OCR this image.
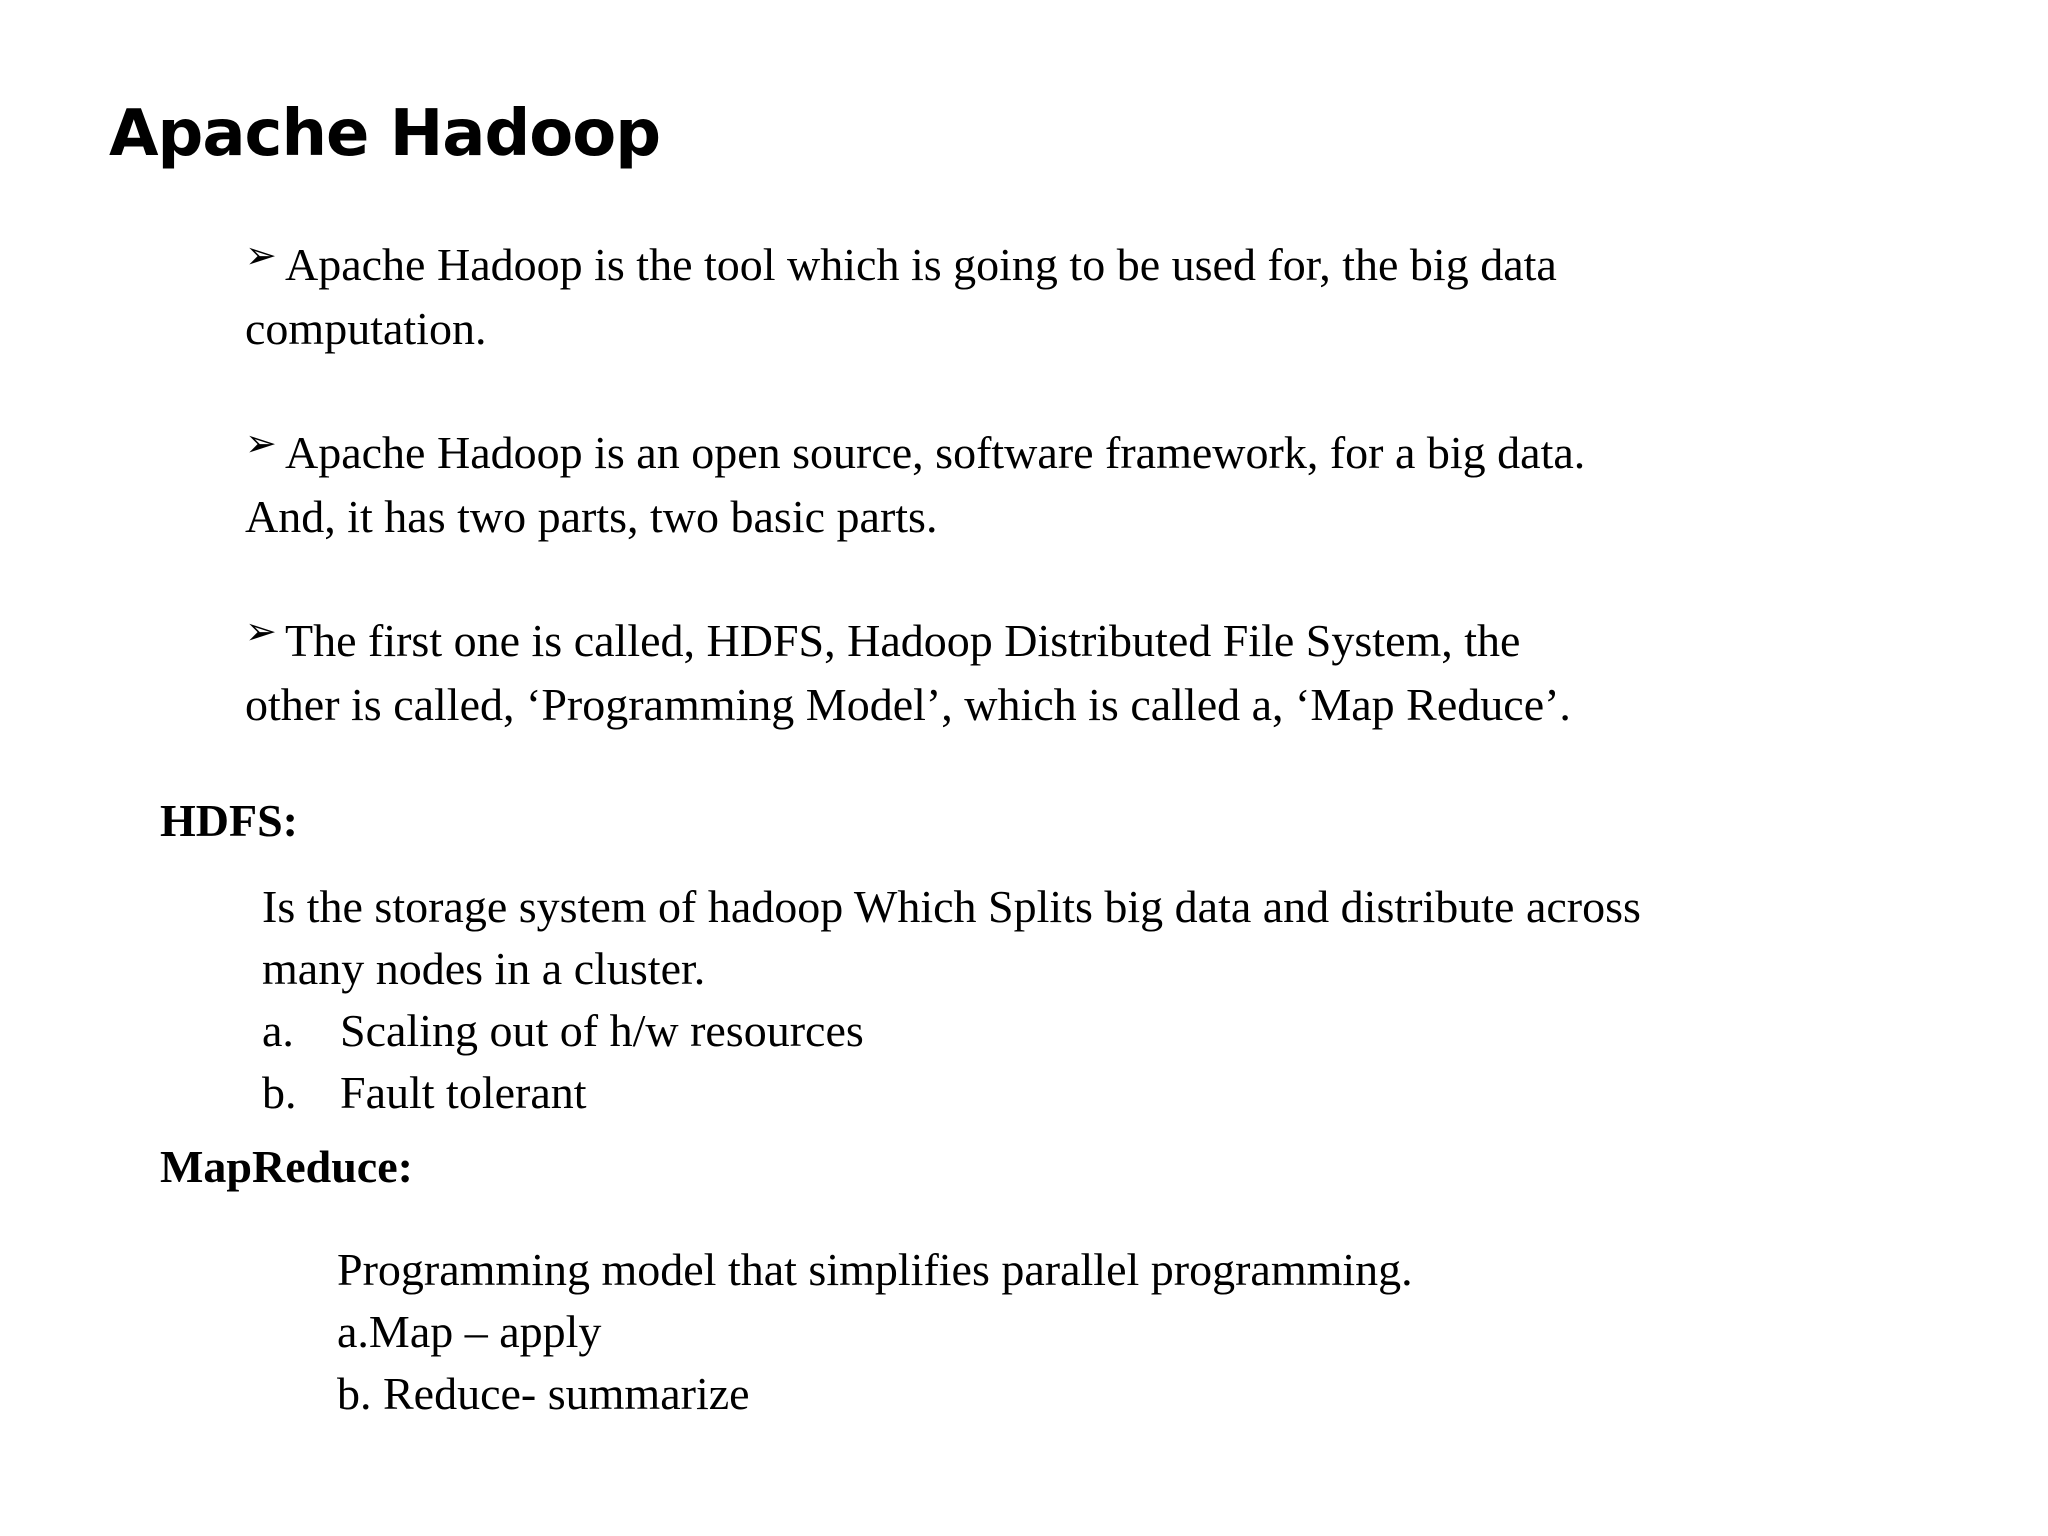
Apache Hadoop

➢ Apache Hadoop is the tool which is going to be used for, the big data
computation.

➢ Apache Hadoop is an open source, software framework, for a big data.
And, it has two parts, two basic parts.

➢ The first one is called, HDFS, Hadoop Distributed File System, the
other is called, ‘Programming Model’, which is called a, ‘Map Reduce’.

HDFS:
Is the storage system of hadoop Which Splits big data and distribute across
many nodes in a cluster.
a. Scaling out of h/w resources
b. Fault tolerant
MapReduce:
Programming model that simplifies parallel programming.
a.Map – apply
b. Reduce- summarize
